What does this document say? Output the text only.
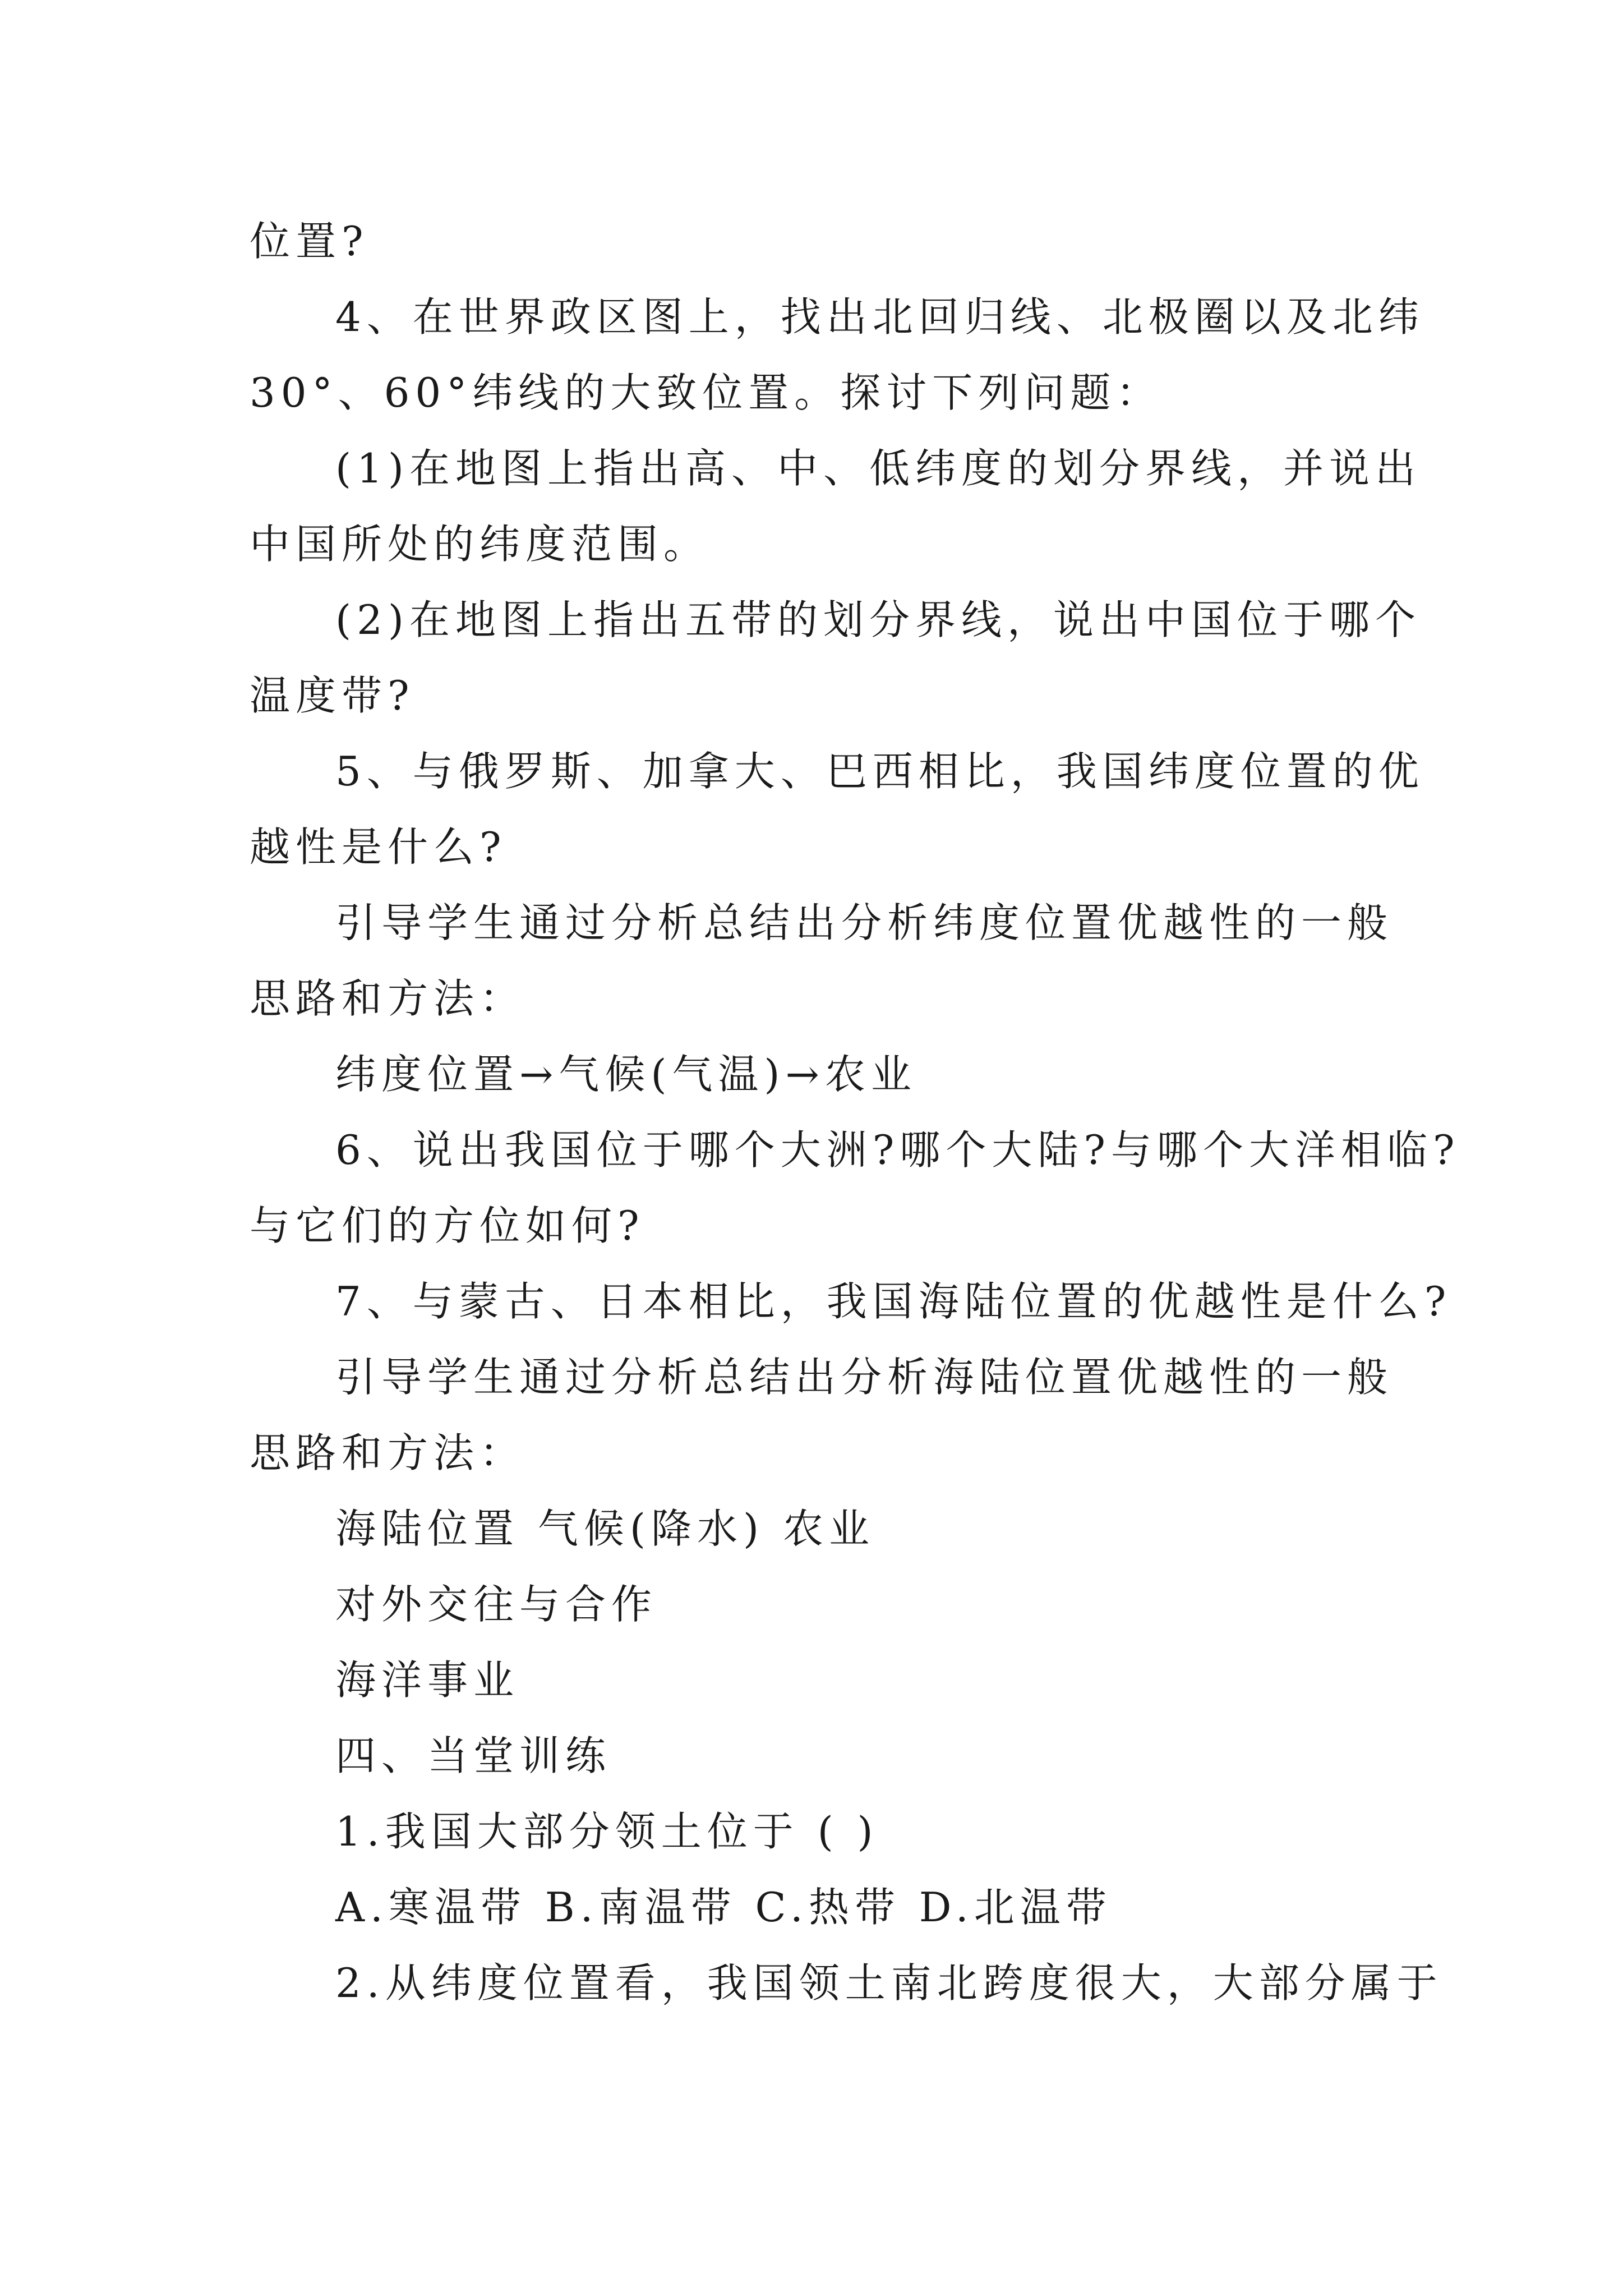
位置?
4、在世界政区图上，找出北回归线、北极圈以及北纬
30°、60°纬线的大致位置。探讨下列问题：
(1)在地图上指出高、中、低纬度的划分界线，并说出
中国所处的纬度范围。
(2)在地图上指出五带的划分界线，说出中国位于哪个
温度带?
5、与俄罗斯、加拿大、巴西相比，我国纬度位置的优
越性是什么?
引导学生通过分析总结出分析纬度位置优越性的一般
思路和方法：
纬度位置→气候(气温)→农业
6、说出我国位于哪个大洲?哪个大陆?与哪个大洋相临?
与它们的方位如何?
7、与蒙古、日本相比，我国海陆位置的优越性是什么?
引导学生通过分析总结出分析海陆位置优越性的一般
思路和方法：
海陆位置 气候(降水) 农业
对外交往与合作
海洋事业
四、当堂训练
1.我国大部分领土位于 ( )
A.寒温带 B.南温带 C.热带 D.北温带
2.从纬度位置看，我国领土南北跨度很大，大部分属于
